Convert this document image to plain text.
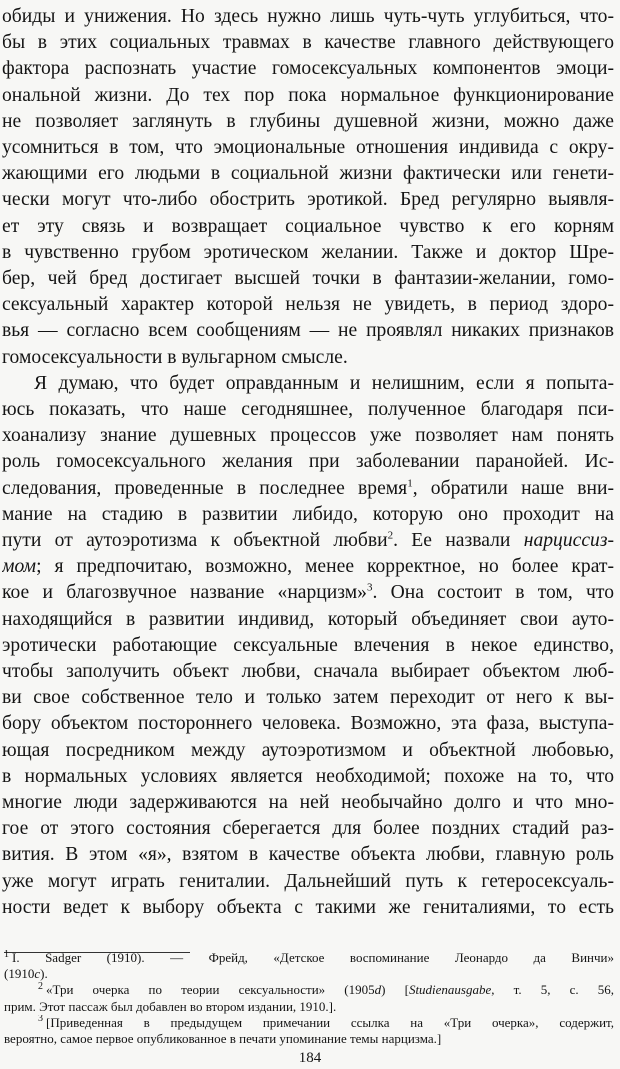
обиды и унижения. Но здесь нужно лишь чуть-чуть углубиться, что-
бы в этих социальных травмах в качестве главного действующего
фактора распознать участие гомосексуальных компонентов эмоци-
ональной жизни. До тех пор пока нормальное функционирование
не позволяет заглянуть в глубины душевной жизни, можно даже
усомниться в том, что эмоциональные отношения индивида с окру-
жающими его людьми в социальной жизни фактически или генети-
чески могут что-либо обострить эротикой. Бред регулярно выявля-
ет эту связь и возвращает социальное чувство к его корням
в чувственно грубом эротическом желании. Также и доктор Шре-
бер, чей бред достигает высшей точки в фантазии-желании, гомо-
сексуальный характер которой нельзя не увидеть, в период здоро-
вья — согласно всем сообщениям — не проявлял никаких признаков
гомосексуальности в вульгарном смысле.
Я думаю, что будет оправданным и нелишним, если я попыта-
юсь показать, что наше сегодняшнее, полученное благодаря пси-
хоанализу знание душевных процессов уже позволяет нам понять
роль гомосексуального желания при заболевании паранойей. Ис-
следования, проведенные в последнее время$^1$, обратили наше вни-
мание на стадию в развитии либидо, которую оно проходит на
пути от аутоэротизма к объектной любви$^2$. Ее назвали нарциссиз-
мом; я предпочитаю, возможно, менее корректное, но более крат-
кое и благозвучное название «нарцизм»$^3$. Она состоит в том, что
находящийся в развитии индивид, который объединяет свои ауто-
эротически работающие сексуальные влечения в некое единство,
чтобы заполучить объект любви, сначала выбирает объектом люб-
ви свое собственное тело и только затем переходит от него к вы-
бору объектом постороннего человека. Возможно, эта фаза, выступа-
ющая посредником между аутоэротизмом и объектной любовью,
в нормальных условиях является необходимой; похоже на то, что
многие люди задерживаются на ней необычайно долго и что мно-
гое от этого состояния сберегается для более поздних стадий раз-
вития. В этом «я», взятом в качестве объекта любви, главную роль
уже могут играть гениталии. Дальнейший путь к гетеросексуаль-
ности ведет к выбору объекта с такими же гениталиями, то есть
$^1$ I. Sadger (1910). — Фрейд, «Детское воспоминание Леонардо да Винчи»
(1910c).
$^2$ «Три очерка по теории сексуальности» (1905d) [Studienausgabe, т. 5, с. 56,
прим. Этот пассаж был добавлен во втором издании, 1910.].
$^3$ [Приведенная в предыдущем примечании ссылка на «Три очерка», содержит,
вероятно, самое первое опубликованное в печати упоминание темы нарцизма.]
184
